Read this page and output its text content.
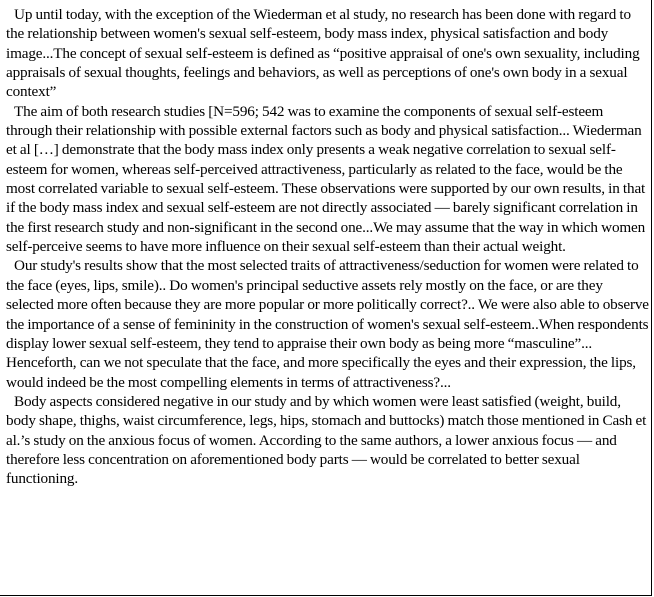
Up until today, with the exception of the Wiederman et al study, no research has been done with regard to the relationship between women's sexual self-esteem, body mass index, physical satisfaction and body image...The concept of sexual self-esteem is defined as “positive appraisal of one's own sexuality, including appraisals of sexual thoughts, feelings and behaviors, as well as perceptions of one's own body in a sexual context”

The aim of both research studies [N=596; 542 was to examine the components of sexual self-esteem through their relationship with possible external factors such as body and physical satisfaction... Wiederman et al […] demonstrate that the body mass index only presents a weak negative correlation to sexual self-esteem for women, whereas self-perceived attractiveness, particularly as related to the face, would be the most correlated variable to sexual self-esteem. These observations were supported by our own results, in that if the body mass index and sexual self-esteem are not directly associated — barely significant correlation in the first research study and non-significant in the second one...We may assume that the way in which women self-perceive seems to have more influence on their sexual self-esteem than their actual weight.

Our study's results show that the most selected traits of attractiveness/seduction for women were related to the face (eyes, lips, smile).. Do women's principal seductive assets rely mostly on the face, or are they selected more often because they are more popular or more politically correct?.. We were also able to observe the importance of a sense of femininity in the construction of women's sexual self-esteem..When respondents display lower sexual self-esteem, they tend to appraise their own body as being more “masculine”... Henceforth, can we not speculate that the face, and more specifically the eyes and their expression, the lips, would indeed be the most compelling elements in terms of attractiveness?...

Body aspects considered negative in our study and by which women were least satisfied (weight, build, body shape, thighs, waist circumference, legs, hips, stomach and buttocks) match those mentioned in Cash et al.’s study on the anxious focus of women. According to the same authors, a lower anxious focus — and therefore less concentration on aforementioned body parts — would be correlated to better sexual functioning.
